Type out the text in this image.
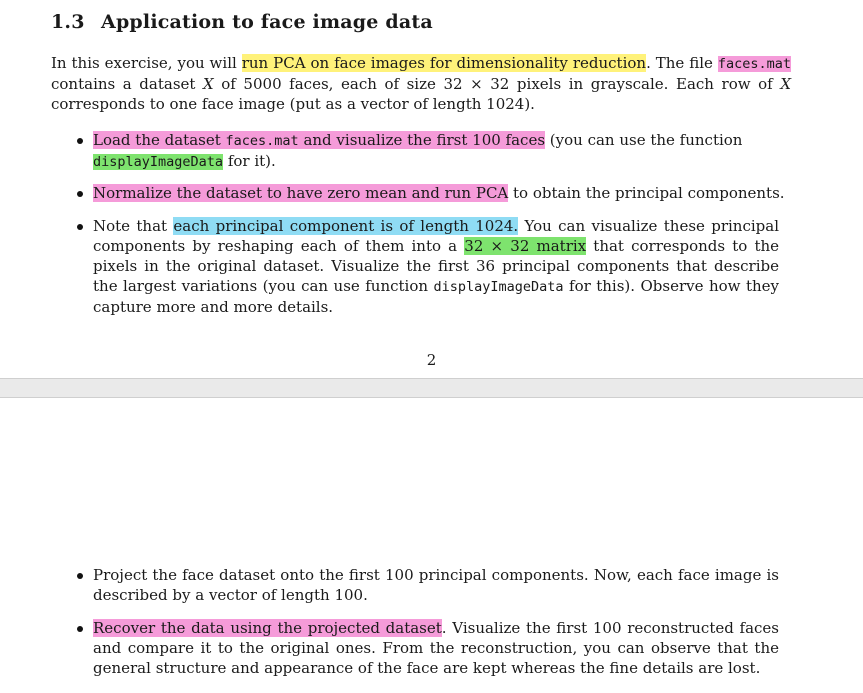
1.3 Application to face image data
In this exercise, you will run PCA on face images for dimensionality reduction. The file faces.mat contains a dataset X of 5000 faces, each of size 32 × 32 pixels in grayscale. Each row of X corresponds to one face image (put as a vector of length 1024).
Load the dataset faces.mat and visualize the first 100 faces (you can use the function displayImageData for it).
Normalize the dataset to have zero mean and run PCA to obtain the principal components.
Note that each principal component is of length 1024. You can visualize these principal components by reshaping each of them into a 32 × 32 matrix that corresponds to the pixels in the original dataset. Visualize the first 36 principal components that describe the largest variations (you can use function displayImageData for this). Observe how they capture more and more details.
2
Project the face dataset onto the first 100 principal components. Now, each face image is described by a vector of length 100.
Recover the data using the projected dataset. Visualize the first 100 reconstructed faces and compare it to the original ones. From the reconstruction, you can observe that the general structure and appearance of the face are kept whereas the fine details are lost.
